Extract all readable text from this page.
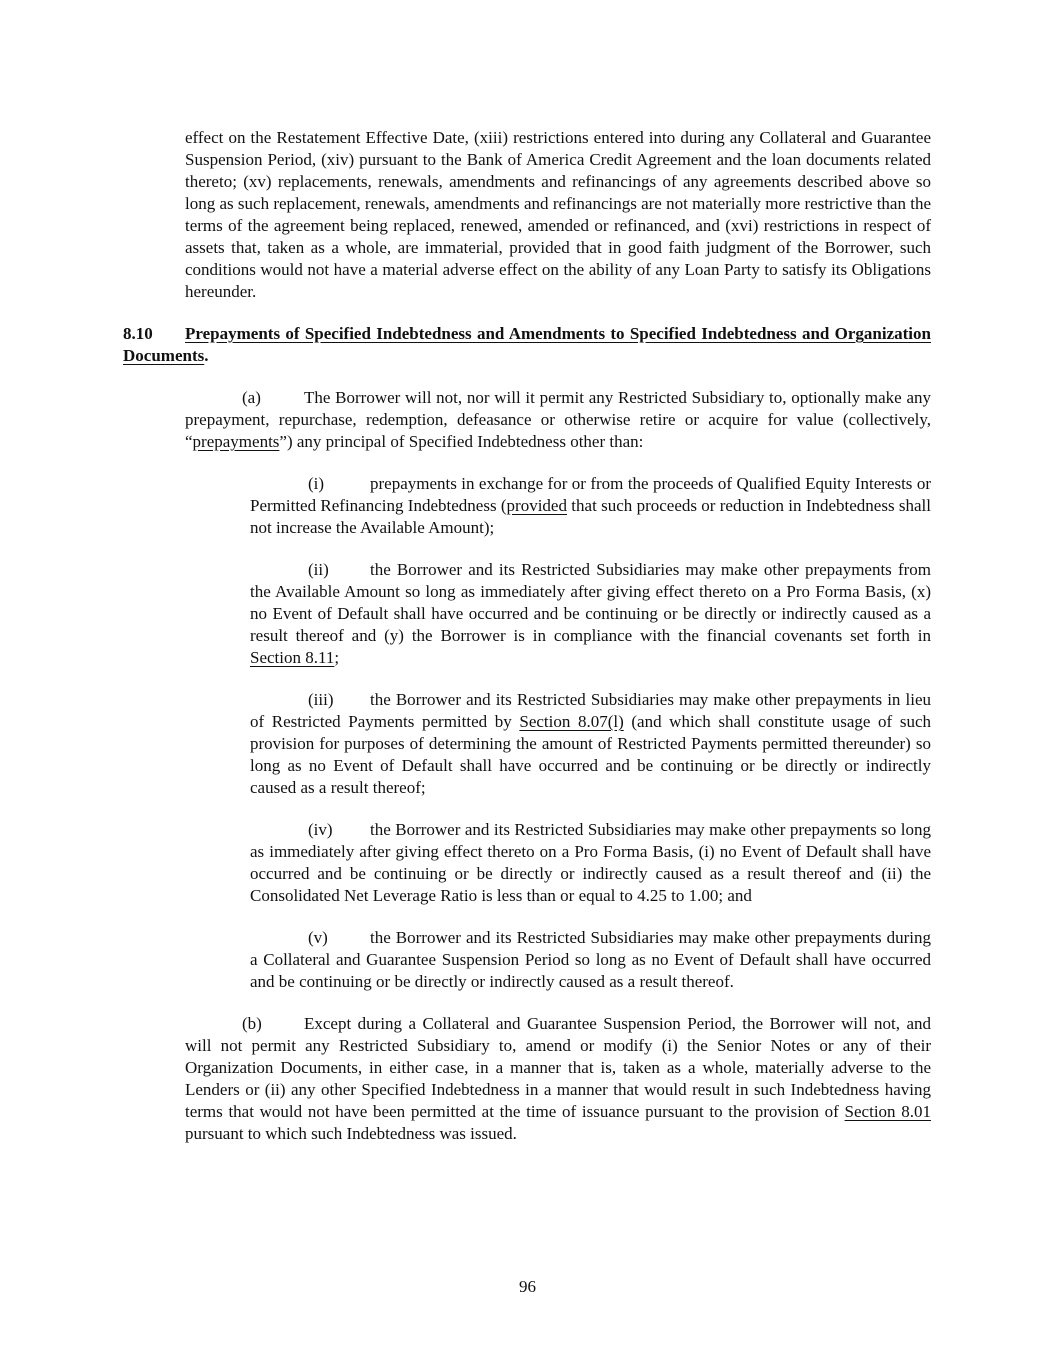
effect on the Restatement Effective Date, (xiii) restrictions entered into during any Collateral and Guarantee Suspension Period, (xiv) pursuant to the Bank of America Credit Agreement and the loan documents related thereto; (xv) replacements, renewals, amendments and refinancings of any agreements described above so long as such replacement, renewals, amendments and refinancings are not materially more restrictive than the terms of the agreement being replaced, renewed, amended or refinanced, and (xvi) restrictions in respect of assets that, taken as a whole, are immaterial, provided that in good faith judgment of the Borrower, such conditions would not have a material adverse effect on the ability of any Loan Party to satisfy its Obligations hereunder.

8.10 Prepayments of Specified Indebtedness and Amendments to Specified Indebtedness and Organization Documents.

(a)	The Borrower will not, nor will it permit any Restricted Subsidiary to, optionally make any prepayment, repurchase, redemption, defeasance or otherwise retire or acquire for value (collectively, “prepayments”) any principal of Specified Indebtedness other than:

(i)	prepayments in exchange for or from the proceeds of Qualified Equity Interests or Permitted Refinancing Indebtedness (provided that such proceeds or reduction in Indebtedness shall not increase the Available Amount);

(ii) the Borrower and its Restricted Subsidiaries may make other prepayments from the Available Amount so long as immediately after giving effect thereto on a Pro Forma Basis, (x) no Event of Default shall have occurred and be continuing or be directly or indirectly caused as a result thereof and (y) the Borrower is in compliance with the financial covenants set forth in Section 8.11;

(iii) the Borrower and its Restricted Subsidiaries may make other prepayments in lieu of Restricted Payments permitted by Section 8.07(l) (and which shall constitute usage of such provision for purposes of determining the amount of Restricted Payments permitted thereunder) so long as no Event of Default shall have occurred and be continuing or be directly or indirectly caused as a result thereof;

(iv) the Borrower and its Restricted Subsidiaries may make other prepayments so long as immediately after giving effect thereto on a Pro Forma Basis, (i) no Event of Default shall have occurred and be continuing or be directly or indirectly caused as a result thereof and (ii) the Consolidated Net Leverage Ratio is less than or equal to 4.25 to 1.00; and

(v) the Borrower and its Restricted Subsidiaries may make other prepayments during a Collateral and Guarantee Suspension Period so long as no Event of Default shall have occurred and be continuing or be directly or indirectly caused as a result thereof.

(b) Except during a Collateral and Guarantee Suspension Period, the Borrower will not, and will not permit any Restricted Subsidiary to, amend or modify (i) the Senior Notes or any of their Organization Documents, in either case, in a manner that is, taken as a whole, materially adverse to the Lenders or (ii) any other Specified Indebtedness in a manner that would result in such Indebtedness having terms that would not have been permitted at the time of issuance pursuant to the provision of Section 8.01 pursuant to which such Indebtedness was issued.

96
